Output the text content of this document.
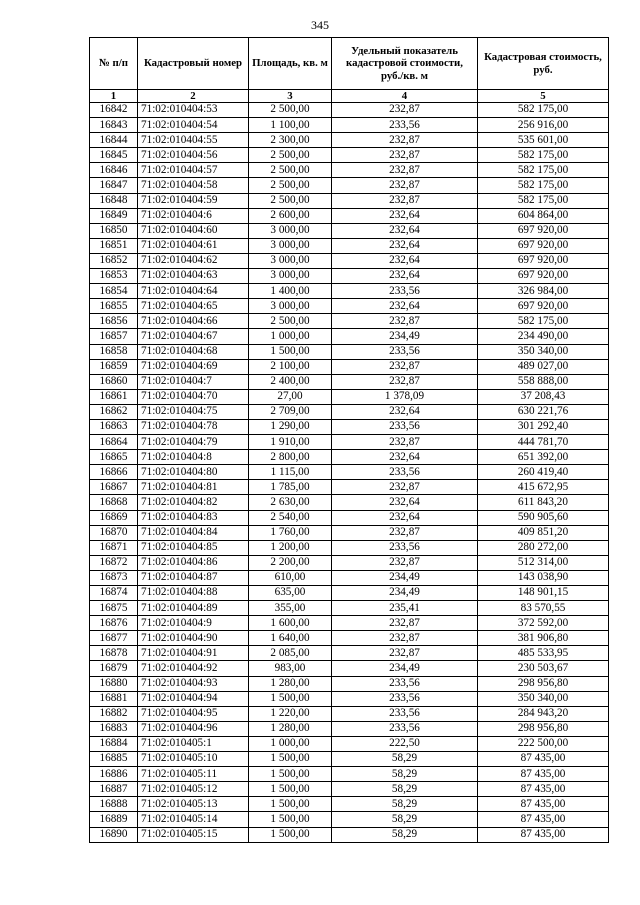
345
№ п/п	Кадастровый номер	Площадь, кв. м	Удельный показатель кадастровой стоимости, руб./кв. м	Кадастровая стоимость, руб.
1	2	3	4	5
16842	71:02:010404:53	2 500,00	232,87	582 175,00
16843	71:02:010404:54	1 100,00	233,56	256 916,00
16844	71:02:010404:55	2 300,00	232,87	535 601,00
16845	71:02:010404:56	2 500,00	232,87	582 175,00
16846	71:02:010404:57	2 500,00	232,87	582 175,00
16847	71:02:010404:58	2 500,00	232,87	582 175,00
16848	71:02:010404:59	2 500,00	232,87	582 175,00
16849	71:02:010404:6	2 600,00	232,64	604 864,00
16850	71:02:010404:60	3 000,00	232,64	697 920,00
16851	71:02:010404:61	3 000,00	232,64	697 920,00
16852	71:02:010404:62	3 000,00	232,64	697 920,00
16853	71:02:010404:63	3 000,00	232,64	697 920,00
16854	71:02:010404:64	1 400,00	233,56	326 984,00
16855	71:02:010404:65	3 000,00	232,64	697 920,00
16856	71:02:010404:66	2 500,00	232,87	582 175,00
16857	71:02:010404:67	1 000,00	234,49	234 490,00
16858	71:02:010404:68	1 500,00	233,56	350 340,00
16859	71:02:010404:69	2 100,00	232,87	489 027,00
16860	71:02:010404:7	2 400,00	232,87	558 888,00
16861	71:02:010404:70	27,00	1 378,09	37 208,43
16862	71:02:010404:75	2 709,00	232,64	630 221,76
16863	71:02:010404:78	1 290,00	233,56	301 292,40
16864	71:02:010404:79	1 910,00	232,87	444 781,70
16865	71:02:010404:8	2 800,00	232,64	651 392,00
16866	71:02:010404:80	1 115,00	233,56	260 419,40
16867	71:02:010404:81	1 785,00	232,87	415 672,95
16868	71:02:010404:82	2 630,00	232,64	611 843,20
16869	71:02:010404:83	2 540,00	232,64	590 905,60
16870	71:02:010404:84	1 760,00	232,87	409 851,20
16871	71:02:010404:85	1 200,00	233,56	280 272,00
16872	71:02:010404:86	2 200,00	232,87	512 314,00
16873	71:02:010404:87	610,00	234,49	143 038,90
16874	71:02:010404:88	635,00	234,49	148 901,15
16875	71:02:010404:89	355,00	235,41	83 570,55
16876	71:02:010404:9	1 600,00	232,87	372 592,00
16877	71:02:010404:90	1 640,00	232,87	381 906,80
16878	71:02:010404:91	2 085,00	232,87	485 533,95
16879	71:02:010404:92	983,00	234,49	230 503,67
16880	71:02:010404:93	1 280,00	233,56	298 956,80
16881	71:02:010404:94	1 500,00	233,56	350 340,00
16882	71:02:010404:95	1 220,00	233,56	284 943,20
16883	71:02:010404:96	1 280,00	233,56	298 956,80
16884	71:02:010405:1	1 000,00	222,50	222 500,00
16885	71:02:010405:10	1 500,00	58,29	87 435,00
16886	71:02:010405:11	1 500,00	58,29	87 435,00
16887	71:02:010405:12	1 500,00	58,29	87 435,00
16888	71:02:010405:13	1 500,00	58,29	87 435,00
16889	71:02:010405:14	1 500,00	58,29	87 435,00
16890	71:02:010405:15	1 500,00	58,29	87 435,00
